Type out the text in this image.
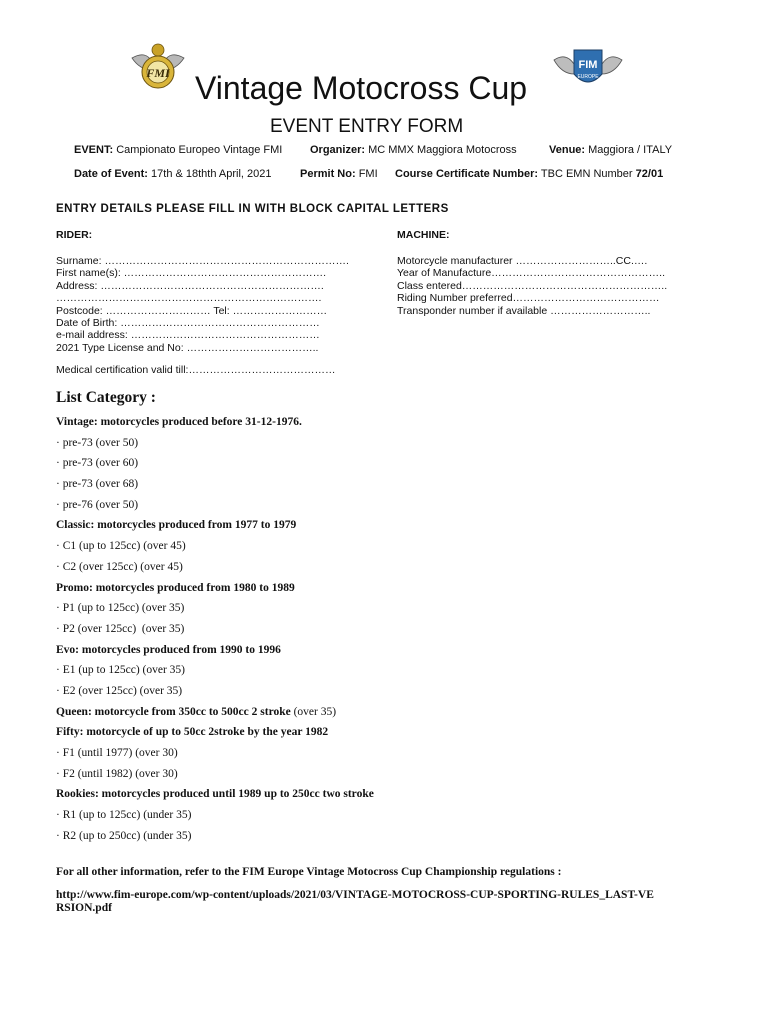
FMI
FIM
EUROPE
Vintage Motocross Cup
EVENT ENTRY FORM
EVENT: Campionato Europeo Vintage FMI	Organizer: MC MMX Maggiora Motocross	Venue: Maggiora / ITALY
Date of Event: 17th & 18thth April, 2021	Permit No: FMI Course Certificate Number: TBC EMN Number 72/01
ENTRY DETAILS PLEASE FILL IN WITH BLOCK CAPITAL LETTERS
RIDER:	MACHINE:
Surname: …………………………………………………………….
First name(s): ………………………………………………….
Address: ……………………………………………………….
………………………………………………………………….
Postcode: ………………………… Tel: ………………………
Date of Birth: …………………………………………………
e-mail address: ………………………………………………
2021 Type License and No: ………………………………..
Motorcycle manufacturer ………………………..CC.….
Year of Manufacture…………………………………………..
Class entered…………………………………………………..
Riding Number preferred……………………………………
Transponder number if available ………………………..
Medical certification valid till:……………………………………
List Category :
Vintage: motorcycles produced before 31-12-1976.
· pre-73 (over 50)
· pre-73 (over 60)
· pre-73 (over 68)
· pre-76 (over 50)
Classic: motorcycles produced from 1977 to 1979
· C1 (up to 125cc) (over 45)
· C2 (over 125cc) (over 45)
Promo: motorcycles produced from 1980 to 1989
· P1 (up to 125cc) (over 35)
· P2 (over 125cc)  (over 35)
Evo: motorcycles produced from 1990 to 1996
· E1 (up to 125cc) (over 35)
· E2 (over 125cc) (over 35)
Queen: motorcycle from 350cc to 500cc 2 stroke (over 35)
Fifty: motorcycle of up to 50cc 2stroke by the year 1982
· F1 (until 1977) (over 30)
· F2 (until 1982) (over 30)
Rookies: motorcycles produced until 1989 up to 250cc two stroke
· R1 (up to 125cc) (under 35)
· R2 (up to 250cc) (under 35)
For all other information, refer to the FIM Europe Vintage Motocross Cup Championship regulations :
http://www.fim-europe.com/wp-content/uploads/2021/03/VINTAGE-MOTOCROSS-CUP-SPORTING-RULES_LAST-VERSION.pdf
